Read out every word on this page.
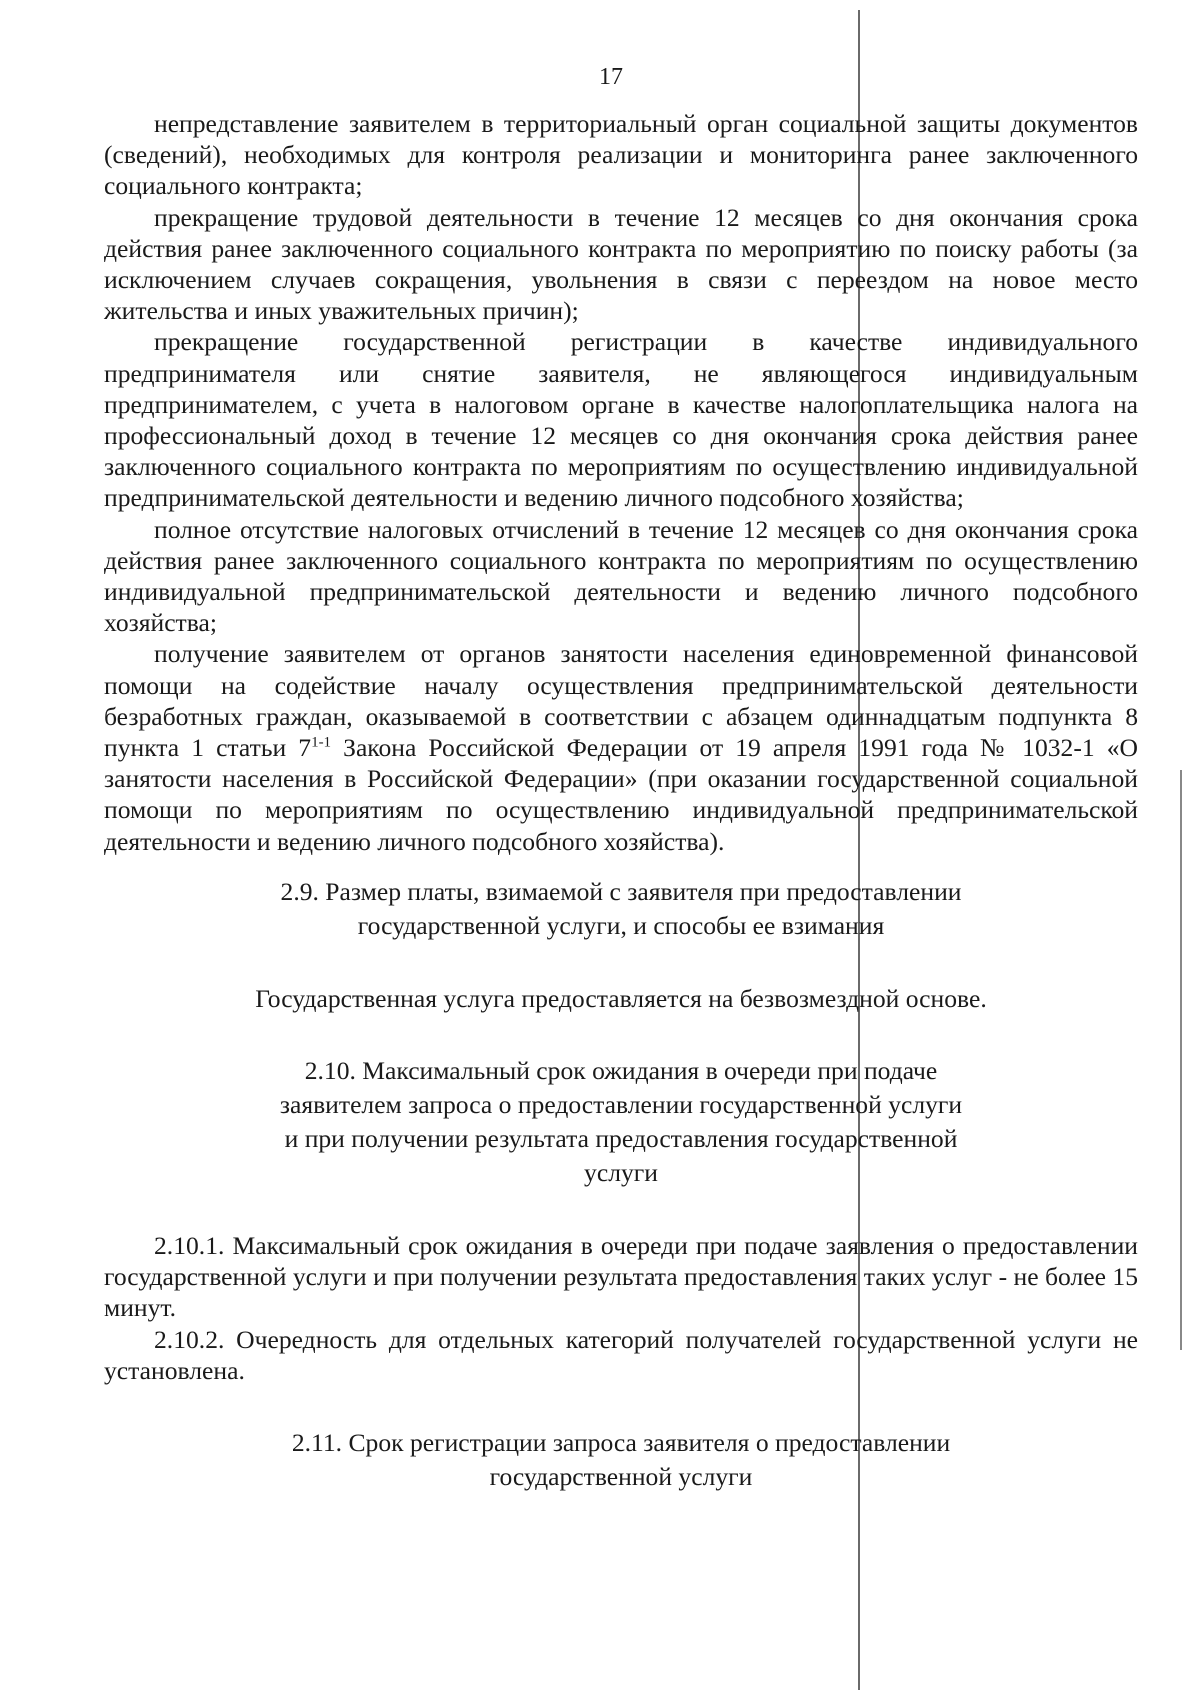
17

непредставление заявителем в территориальный орган социальной защиты документов (сведений), необходимых для контроля реализации и мониторинга ранее заключенного социального контракта;

прекращение трудовой деятельности в течение 12 месяцев со дня окончания срока действия ранее заключенного социального контракта по мероприятию по поиску работы (за исключением случаев сокращения, увольнения в связи с переездом на новое место жительства и иных уважительных причин);

прекращение государственной регистрации в качестве индивидуального предпринимателя или снятие заявителя, не являющегося индивидуальным предпринимателем, с учета в налоговом органе в качестве налогоплательщика налога на профессиональный доход в течение 12 месяцев со дня окончания срока действия ранее заключенного социального контракта по мероприятиям по осуществлению индивидуальной предпринимательской деятельности и ведению личного подсобного хозяйства;

полное отсутствие налоговых отчислений в течение 12 месяцев со дня окончания срока действия ранее заключенного социального контракта по мероприятиям по осуществлению индивидуальной предпринимательской деятельности и ведению личного подсобного хозяйства;

получение заявителем от органов занятости населения единовременной финансовой помощи на содействие началу осуществления предпринимательской деятельности безработных граждан, оказываемой в соответствии с абзацем одиннадцатым подпункта 8 пункта 1 статьи 7$^{1-1}$ Закона Российской Федерации от 19 апреля 1991 года № 1032-1 «О занятости населения в Российской Федерации» (при оказании государственной социальной помощи по мероприятиям по осуществлению индивидуальной предпринимательской деятельности и ведению личного подсобного хозяйства).

2.9. Размер платы, взимаемой с заявителя при предоставлении

государственной услуги, и способы ее взимания

Государственная услуга предоставляется на безвозмездной основе.

2.10. Максимальный срок ожидания в очереди при подаче

заявителем запроса о предоставлении государственной услуги

и при получении результата предоставления государственной

услуги

2.10.1. Максимальный срок ожидания в очереди при подаче заявления о предоставлении государственной услуги и при получении результата предоставления таких услуг - не более 15 минут.

2.10.2. Очередность для отдельных категорий получателей государственной услуги не установлена.

2.11. Срок регистрации запроса заявителя о предоставлении

государственной услуги
